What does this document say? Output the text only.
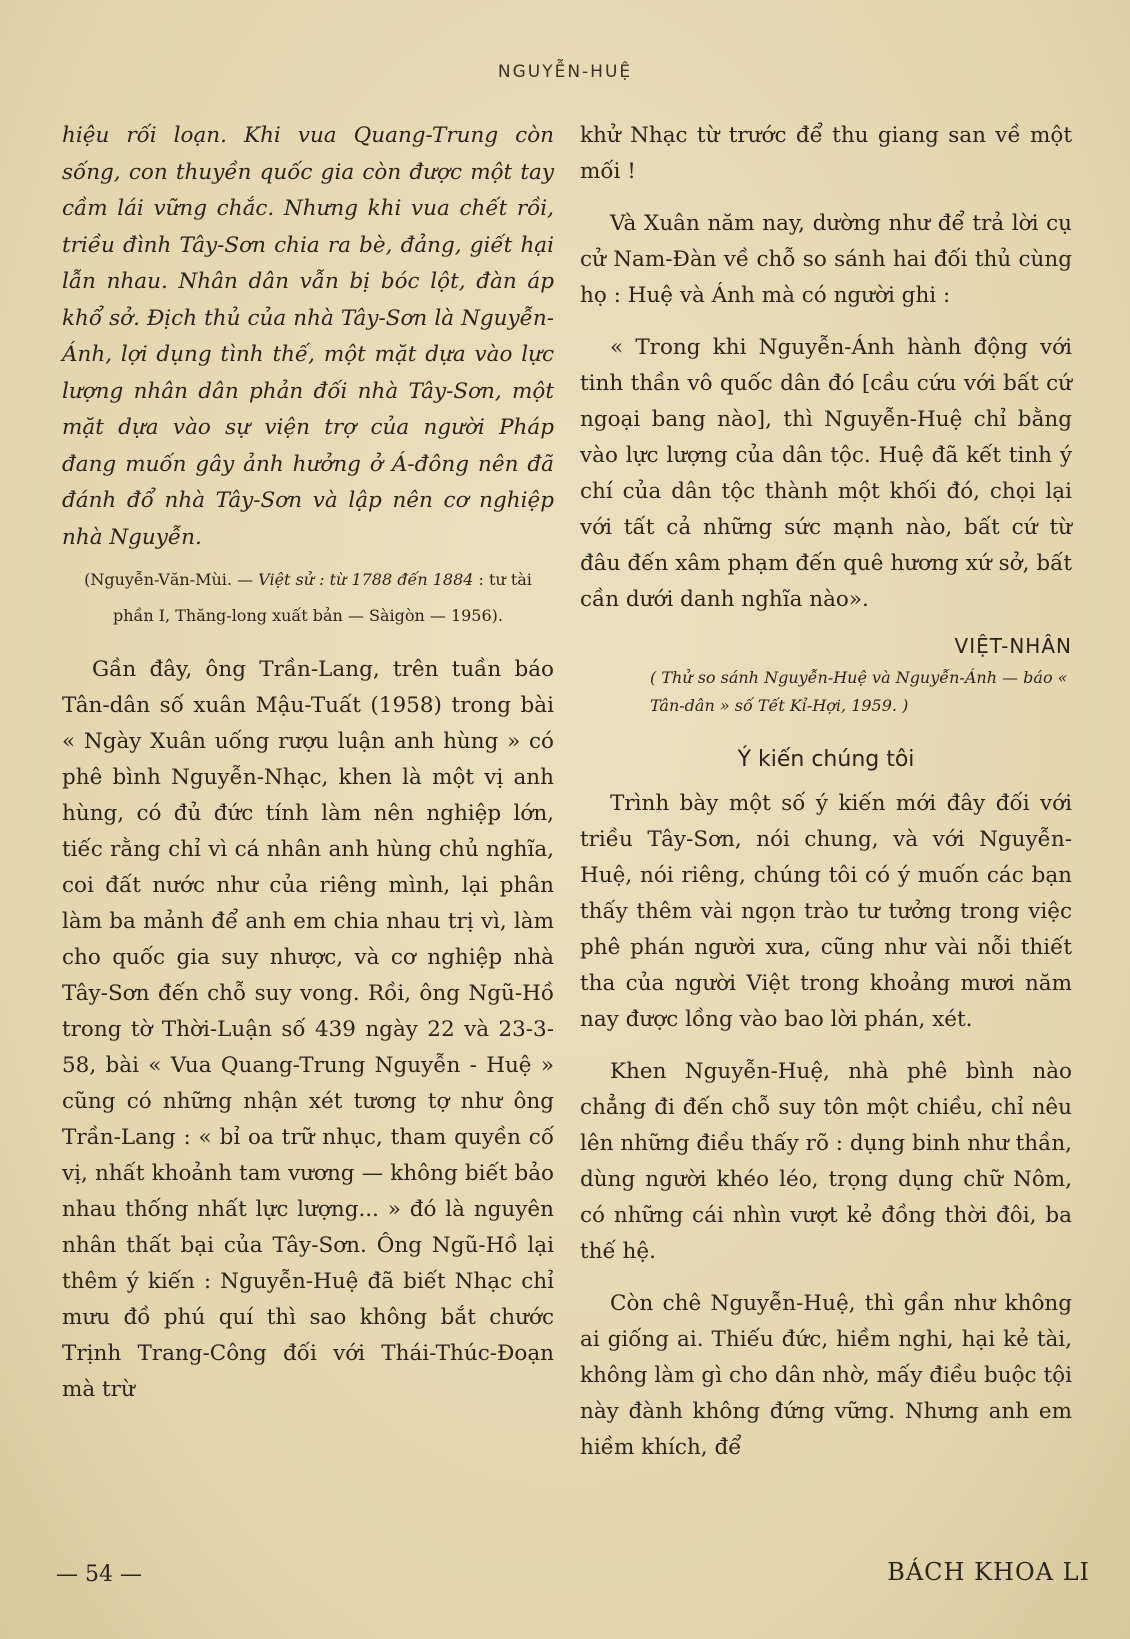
NGUYỄN-HUỆ

hiệu rối loạn. Khi vua Quang-Trung còn sống, con thuyền quốc gia còn được một tay cầm lái vững chắc. Nhưng khi vua chết rồi, triều đình Tây-Sơn chia ra bè, đảng, giết hại lẫn nhau. Nhân dân vẫn bị bóc lột, đàn áp khổ sở. Địch thủ của nhà Tây-Sơn là Nguyễn-Ánh, lợi dụng tình thế, một mặt dựa vào lực lượng nhân dân phản đối nhà Tây-Sơn, một mặt dựa vào sự viện trợ của người Pháp đang muốn gây ảnh hưởng ở Á-đông nên đã đánh đổ nhà Tây-Sơn và lập nên cơ nghiệp nhà Nguyễn.

(Nguyễn-Văn-Mùi. — Việt sử : từ 1788 đến 1884 : tư tài phần I, Thăng-long xuất bản — Sàigòn — 1956).

Gần đây, ông Trần-Lang, trên tuần báo Tân-dân số xuân Mậu-Tuất (1958) trong bài « Ngày Xuân uống rượu luận anh hùng » có phê bình Nguyễn-Nhạc, khen là một vị anh hùng, có đủ đức tính làm nên nghiệp lớn, tiếc rằng chỉ vì cá nhân anh hùng chủ nghĩa, coi đất nước như của riêng mình, lại phân làm ba mảnh để anh em chia nhau trị vì, làm cho quốc gia suy nhược, và cơ nghiệp nhà Tây-Sơn đến chỗ suy vong. Rồi, ông Ngũ-Hồ trong tờ Thời-Luận số 439 ngày 22 và 23-3-58, bài « Vua Quang-Trung Nguyễn - Huệ » cũng có những nhận xét tương tợ như ông Trần-Lang : « bỉ oa trữ nhục, tham quyền cố vị, nhất khoảnh tam vương — không biết bảo nhau thống nhất lực lượng... » đó là nguyên nhân thất bại của Tây-Sơn. Ông Ngũ-Hồ lại thêm ý kiến : Nguyễn-Huệ đã biết Nhạc chỉ mưu đồ phú quí thì sao không bắt chước Trịnh Trang-Công đối với Thái-Thúc-Đoạn mà trừ

khử Nhạc từ trước để thu giang san về một mối !

Và Xuân năm nay, dường như để trả lời cụ cử Nam-Đàn về chỗ so sánh hai đối thủ cùng họ : Huệ và Ánh mà có người ghi :

« Trong khi Nguyễn-Ánh hành động với tinh thần vô quốc dân đó [cầu cứu với bất cứ ngoại bang nào], thì Nguyễn-Huệ chỉ bằng vào lực lượng của dân tộc. Huệ đã kết tinh ý chí của dân tộc thành một khối đó, chọi lại với tất cả những sức mạnh nào, bất cứ từ đâu đến xâm phạm đến quê hương xứ sở, bất cần dưới danh nghĩa nào».

VIỆT-NHÂN

( Thử so sánh Nguyễn-Huệ và Nguyễn-Ánh — báo « Tân-dân » số Tết Kỉ-Hợi, 1959. )

Ý kiến chúng tôi

Trình bày một số ý kiến mới đây đối với triều Tây-Sơn, nói chung, và với Nguyễn-Huệ, nói riêng, chúng tôi có ý muốn các bạn thấy thêm vài ngọn trào tư tưởng trong việc phê phán người xưa, cũng như vài nỗi thiết tha của người Việt trong khoảng mươi năm nay được lồng vào bao lời phán, xét.

Khen Nguyễn-Huệ, nhà phê bình nào chẳng đi đến chỗ suy tôn một chiều, chỉ nêu lên những điều thấy rõ : dụng binh như thần, dùng người khéo léo, trọng dụng chữ Nôm, có những cái nhìn vượt kẻ đồng thời đôi, ba thế hệ.

Còn chê Nguyễn-Huệ, thì gần như không ai giống ai. Thiếu đức, hiềm nghi, hại kẻ tài, không làm gì cho dân nhờ, mấy điều buộc tội này đành không đứng vững. Nhưng anh em hiềm khích, để

— 54 —	BÁCH KHOA LI
